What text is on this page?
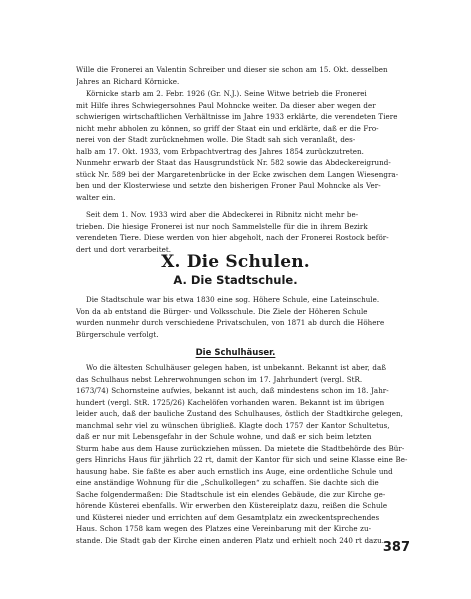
Wille die Fronerei an Valentin Schreiber und dieser sie schon am 15. Okt. desselben
Jahres an Richard Körnicke.
Körnicke starb am 2. Febr. 1926 (Gr. N.J.). Seine Witwe betrieb die Fronerei
mit Hilfe ihres Schwiegersohnes Paul Mohncke weiter. Da dieser aber wegen der
schwierigen wirtschaftlichen Verhältnisse im Jahre 1933 erklärte, die verendeten Tiere
nicht mehr abholen zu können, so griff der Staat ein und erklärte, daß er die Fro-
nerei von der Stadt zurücknehmen wolle. Die Stadt sah sich veranlaßt, des-
halb am 17. Okt. 1933, vom Erbpachtvertrag des Jahres 1854 zurückzutreten.
Nunmehr erwarb der Staat das Hausgrundstück Nr. 582 sowie das Abdeckereigrund-
stück Nr. 589 bei der Margaretenbrücke in der Ecke zwischen dem Langen Wiesengra-
ben und der Klosterwiese und setzte den bisherigen Froner Paul Mohncke als Ver-
walter ein.
Seit dem 1. Nov. 1933 wird aber die Abdeckerei in Ribnitz nicht mehr be-
trieben. Die hiesige Fronerei ist nur noch Sammelstelle für die in ihrem Bezirk
verendeten Tiere. Diese werden von hier abgeholt, nach der Fronerei Rostock beför-
dert und dort verarbeitet.
X. Die Schulen.
A. Die Stadtschule.
Die Stadtschule war bis etwa 1830 eine sog. Höhere Schule, eine Lateinschule.
Von da ab entstand die Bürger- und Volksschule. Die Ziele der Höheren Schule
wurden nunmehr durch verschiedene Privatschulen, von 1871 ab durch die Höhere
Bürgerschule verfolgt.
Die Schulhäuser.
Wo die ältesten Schulhäuser gelegen haben, ist unbekannt. Bekannt ist aber, daß
das Schulhaus nebst Lehrerwohnungen schon im 17. Jahrhundert (vergl. StR.
1673/74) Schornsteine aufwies, bekannt ist auch, daß mindestens schon im 18. Jahr-
hundert (vergl. StR. 1725/26) Kachelöfen vorhanden waren. Bekannt ist im übrigen
leider auch, daß der bauliche Zustand des Schulhauses, östlich der Stadtkirche gelegen,
manchmal sehr viel zu wünschen übrigließ. Klagte doch 1757 der Kantor Schultetus,
daß er nur mit Lebensgefahr in der Schule wohne, und daß er sich beim letzten
Sturm habe aus dem Hause zurückziehen müssen. Da mietete die Stadtbehörde des Bür-
gers Hinrichs Haus für jährlich 22 rt, damit der Kantor für sich und seine Klasse eine Be-
hausung habe. Sie faßte es aber auch ernstlich ins Auge, eine ordentliche Schule und
eine anständige Wohnung für die „Schulkollegen“ zu schaffen. Sie dachte sich die
Sache folgendermaßen: Die Stadtschule ist ein elendes Gebäude, die zur Kirche ge-
hörende Küsterei ebenfalls. Wir erwerben den Küstereiplatz dazu, reißen die Schule
und Küsterei nieder und errichten auf dem Gesamtplatz ein zweckentsprechendes
Haus. Schon 1758 kam wegen des Platzes eine Vereinbarung mit der Kirche zu-
stande. Die Stadt gab der Kirche einen anderen Platz und erhielt noch 240 rt dazu.
387
